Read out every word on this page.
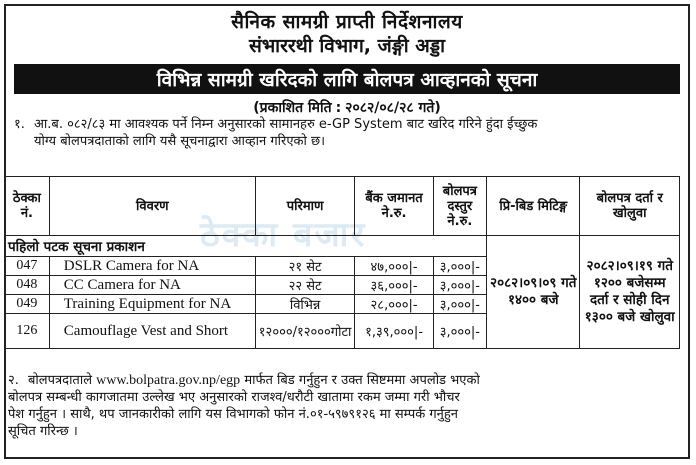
सैनिक सामग्री प्राप्ती निर्देशनालय
संभाररथी विभाग, जंङ्गी अड्डा
विभिन्न सामग्री खरिदको लागि बोलपत्र आव्हानको सूचना
(प्रकाशित मिति : २०८२/०८/२८ गते)
१. आ.ब. ०८२/८३ मा आवश्यक पर्ने निम्न अनुसारको सामानहरु e-GP System बाट खरिद गरिने हुंदा ईच्छुक
योग्य बोलपत्रदाताको लागि यसै सूचनाद्वारा आव्हान गरिएको छ।
ठेक्का बजार
ठेक्का नं.	विवरण	परिमाण	बैंक जमानत ने.रु.	बोलपत्र दस्तुर ने.रु.	प्रि-बिड मिटिङ्ग	बोलपत्र दर्ता र खोलुवा
पहिलो पटक सूचना प्रकाशन					२०८२।०९।०९ गते १४०० बजे	२०८२।०९।१९ गते १२०० बजेसम्म दर्ता र सोही दिन १३०० बजे खोलुवा
047	DSLR Camera for NA	२१ सेट	४७,०००|-	३,०००|-		
048	CC Camera for NA	२२ सेट	३६,०००|-	३,०००|-		
049	Training Equipment for NA	विभिन्न	२८,०००|-	३,०००|-		
126	Camouflage Vest and Short	१२०००/१२०००गोटा	१,३९,०००|-	३,०००|-		
२. बोलपत्रदाताले www.bolpatra.gov.np/egp मार्फत बिड गर्नुहुन र उक्त सिष्टममा अपलोड भएको
बोलपत्र सम्बन्धी कागजातमा उल्लेख भए अनुसारको राजश्व/धरौटी खातामा रकम जम्मा गरी भौचर
पेश गर्नुहुन । साथै, थप जानकारीको लागि यस विभागको फोन नं.०१-५९७९१२६ मा सम्पर्क गर्नुहुन
सूचित गरिन्छ ।
